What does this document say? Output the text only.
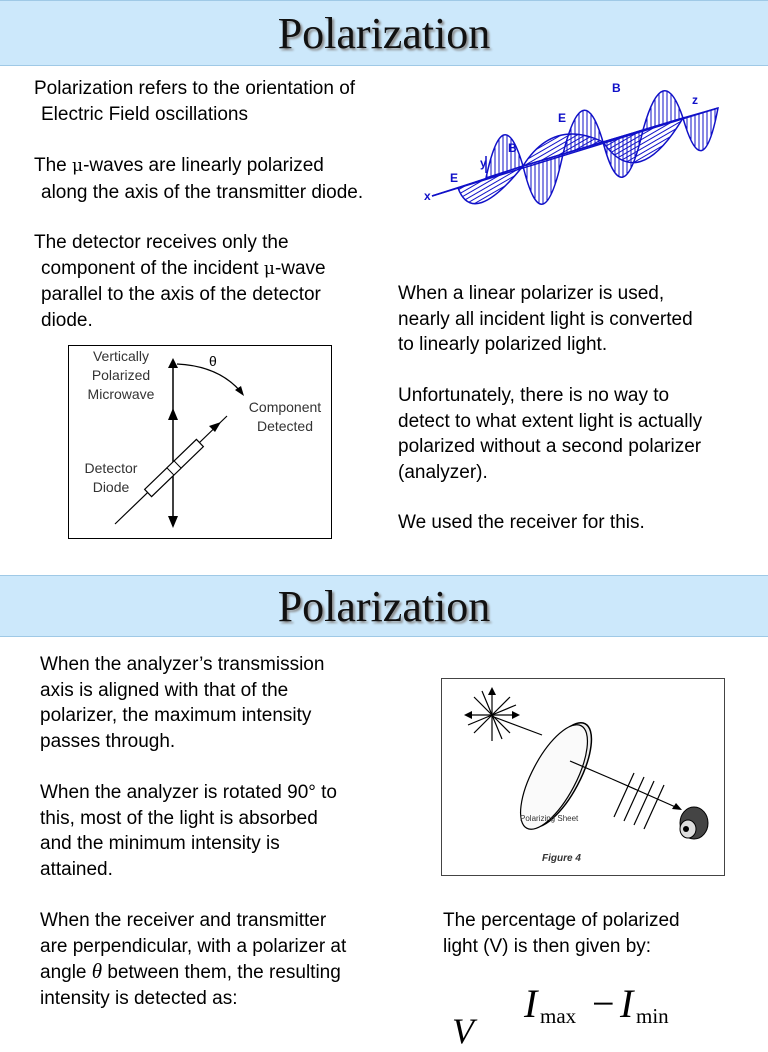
Polarization

Polarization refers to the orientation of
Electric Field oscillations

The μ-waves are linearly polarized
along the axis of the transmitter diode.

The detector receives only the
component of the incident μ-wave
parallel to the axis of the detector
diode.

B
E
z
B
y
E
x
θ
Vertically
Polarized
Microwave
Component
Detected
Detector
Diode

When a linear polarizer is used,
nearly all incident light is converted
to linearly polarized light.

Unfortunately, there is no way to
detect to what extent light is actually
polarized without a second polarizer
(analyzer).

We used the receiver for this.

Polarization

When the analyzer’s transmission
axis is aligned with that of the
polarizer, the maximum intensity
passes through.

When the analyzer is rotated 90° to
this, most of the light is absorbed
and the minimum intensity is
attained.

When the receiver and transmitter
are perpendicular, with a polarizer at
angle θ between them, the resulting
intensity is detected as:

Polarizing Sheet
Figure 4

The percentage of polarized
light (V) is then given by:

V
I max − I min
